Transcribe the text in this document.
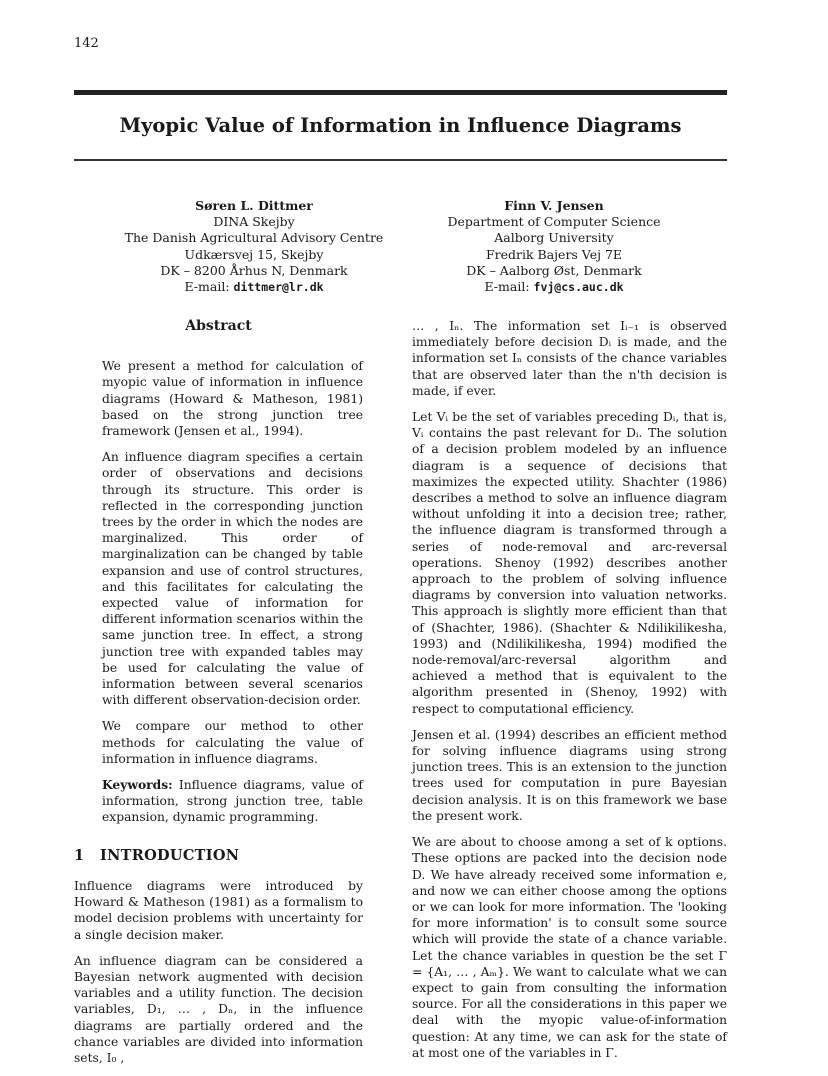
142
Myopic Value of Information in Influence Diagrams
Søren L. Dittmer
DINA Skejby
The Danish Agricultural Advisory Centre
Udkærsvej 15, Skejby
DK – 8200 Århus N, Denmark
E-mail: dittmer@lr.dk
Finn V. Jensen
Department of Computer Science
Aalborg University
Fredrik Bajers Vej 7E
DK – Aalborg Øst, Denmark
E-mail: fvj@cs.auc.dk
Abstract

We present a method for calculation of myopic value of information in influence diagrams (Howard & Matheson, 1981) based on the strong junction tree framework (Jensen et al., 1994).

An influence diagram specifies a certain order of observations and decisions through its structure. This order is reflected in the corresponding junction trees by the order in which the nodes are marginalized. This order of marginalization can be changed by table expansion and use of control structures, and this facilitates for calculating the expected value of information for different information scenarios within the same junction tree. In effect, a strong junction tree with expanded tables may be used for calculating the value of information between several scenarios with different observation-decision order.

We compare our method to other methods for calculating the value of information in influence diagrams.

Keywords: Influence diagrams, value of information, strong junction tree, table expansion, dynamic programming.

1 INTRODUCTION

Influence diagrams were introduced by Howard & Matheson (1981) as a formalism to model decision problems with uncertainty for a single decision maker.

An influence diagram can be considered a Bayesian network augmented with decision variables and a utility function. The decision variables, D₁, … , Dₙ, in the influence diagrams are partially ordered and the chance variables are divided into information sets, I₀ ,

… , Iₙ. The information set Iᵢ₋₁ is observed immediately before decision Dᵢ is made, and the information set Iₙ consists of the chance variables that are observed later than the n'th decision is made, if ever.

Let Vᵢ be the set of variables preceding Dᵢ, that is, Vᵢ contains the past relevant for Dᵢ. The solution of a decision problem modeled by an influence diagram is a sequence of decisions that maximizes the expected utility. Shachter (1986) describes a method to solve an influence diagram without unfolding it into a decision tree; rather, the influence diagram is transformed through a series of node-removal and arc-reversal operations. Shenoy (1992) describes another approach to the problem of solving influence diagrams by conversion into valuation networks. This approach is slightly more efficient than that of (Shachter, 1986). (Shachter & Ndilikilikesha, 1993) and (Ndilikilikesha, 1994) modified the node-removal/arc-reversal algorithm and achieved a method that is equivalent to the algorithm presented in (Shenoy, 1992) with respect to computational efficiency.

Jensen et al. (1994) describes an efficient method for solving influence diagrams using strong junction trees. This is an extension to the junction trees used for computation in pure Bayesian decision analysis. It is on this framework we base the present work.

We are about to choose among a set of k options. These options are packed into the decision node D. We have already received some information e, and now we can either choose among the options or we can look for more information. The 'looking for more information' is to consult some source which will provide the state of a chance variable. Let the chance variables in question be the set Γ = {A₁, … , Aₘ}. We want to calculate what we can expect to gain from consulting the information source. For all the considerations in this paper we deal with the myopic value-of-information question: At any time, we can ask for the state of at most one of the variables in Γ.
